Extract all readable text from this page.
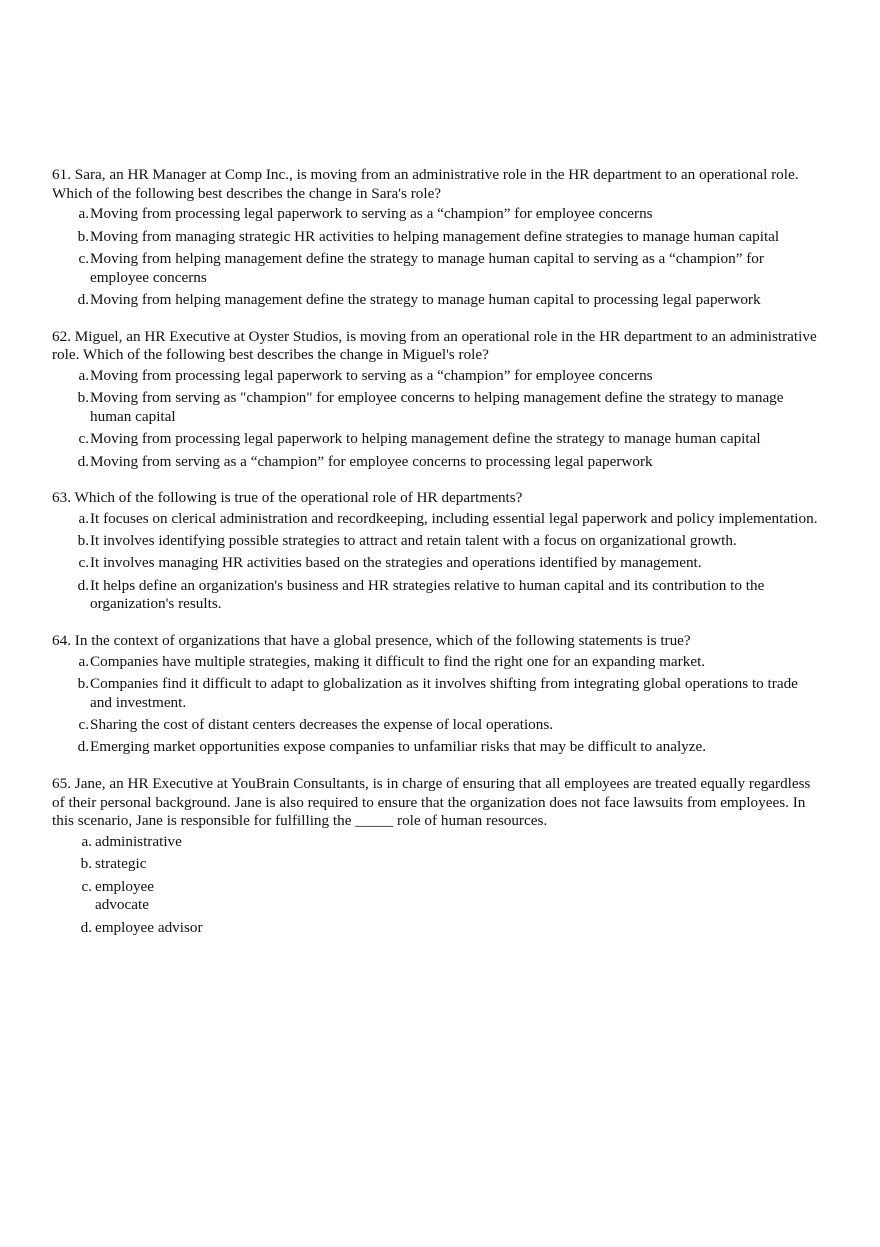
61. Sara, an HR Manager at Comp Inc., is moving from an administrative role in the HR department to an operational role. Which of the following best describes the change in Sara's role?

a. Moving from processing legal paperwork to serving as a “champion” for employee concerns
b. Moving from managing strategic HR activities to helping management define strategies to manage human capital
c. Moving from helping management define the strategy to manage human capital to serving as a “champion” for employee concerns
d. Moving from helping management define the strategy to manage human capital to processing legal paperwork

62. Miguel, an HR Executive at Oyster Studios, is moving from an operational role in the HR department to an administrative role. Which of the following best describes the change in Miguel's role?

a. Moving from processing legal paperwork to serving as a “champion” for employee concerns
b. Moving from serving as "champion" for employee concerns to helping management define the strategy to manage human capital
c. Moving from processing legal paperwork to helping management define the strategy to manage human capital
d. Moving from serving as a “champion” for employee concerns to processing legal paperwork

63. Which of the following is true of the operational role of HR departments?

a. It focuses on clerical administration and recordkeeping, including essential legal paperwork and policy implementation.
b. It involves identifying possible strategies to attract and retain talent with a focus on organizational growth.
c. It involves managing HR activities based on the strategies and operations identified by management.
d. It helps define an organization's business and HR strategies relative to human capital and its contribution to the organization's results.

64. In the context of organizations that have a global presence, which of the following statements is true?

a. Companies have multiple strategies, making it difficult to find the right one for an expanding market.
b. Companies find it difficult to adapt to globalization as it involves shifting from integrating global operations to trade and investment.
c. Sharing the cost of distant centers decreases the expense of local operations.
d. Emerging market opportunities expose companies to unfamiliar risks that may be difficult to analyze.

65. Jane, an HR Executive at YouBrain Consultants, is in charge of ensuring that all employees are treated equally regardless of their personal background. Jane is also required to ensure that the organization does not face lawsuits from employees. In this scenario, Jane is responsible for fulfilling the _____ role of human resources.

a. administrative
b. strategic
c. employee advocate
d. employee advisor
